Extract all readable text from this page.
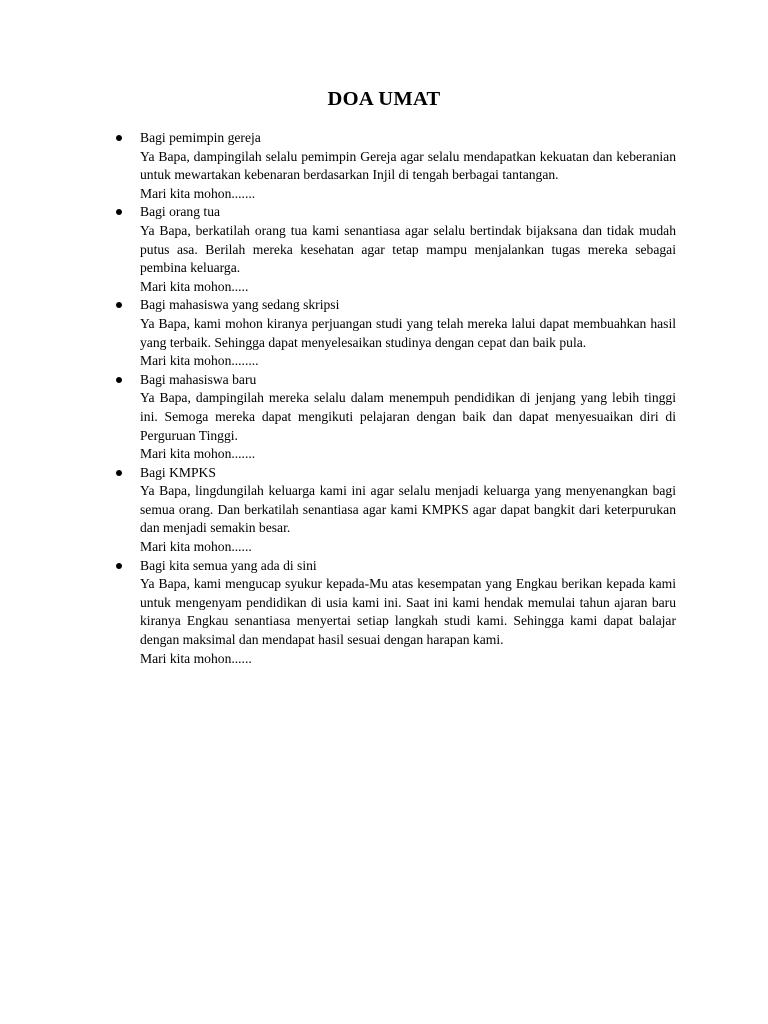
DOA UMAT
Bagi pemimpin gereja
Ya Bapa, dampingilah selalu pemimpin Gereja agar selalu mendapatkan kekuatan dan keberanian untuk mewartakan kebenaran berdasarkan Injil di tengah berbagai tantangan.
Mari kita mohon.......
Bagi orang tua
Ya Bapa, berkatilah orang tua kami senantiasa agar selalu bertindak bijaksana dan tidak mudah putus asa. Berilah mereka kesehatan agar tetap mampu menjalankan tugas mereka sebagai pembina keluarga.
Mari kita mohon.....
Bagi mahasiswa yang sedang skripsi
Ya Bapa, kami mohon kiranya perjuangan studi yang telah mereka lalui dapat membuahkan hasil yang terbaik. Sehingga dapat menyelesaikan studinya dengan cepat dan baik pula.
Mari kita mohon........
Bagi mahasiswa baru
Ya Bapa, dampingilah mereka selalu dalam menempuh pendidikan di jenjang yang lebih tinggi ini. Semoga mereka dapat mengikuti pelajaran dengan baik dan dapat menyesuaikan diri di Perguruan Tinggi.
Mari kita mohon.......
Bagi KMPKS
Ya Bapa, lingdungilah keluarga kami ini agar selalu menjadi keluarga yang menyenangkan bagi semua orang. Dan berkatilah senantiasa agar kami KMPKS agar dapat bangkit dari keterpurukan dan menjadi semakin besar.
Mari kita mohon......
Bagi kita semua yang ada di sini
Ya Bapa, kami mengucap syukur kepada-Mu atas kesempatan yang Engkau berikan kepada kami untuk mengenyam pendidikan di usia kami ini. Saat ini kami hendak memulai tahun ajaran baru kiranya Engkau senantiasa menyertai setiap langkah studi kami. Sehingga kami dapat balajar dengan maksimal dan mendapat hasil sesuai dengan harapan kami.
Mari kita mohon......
